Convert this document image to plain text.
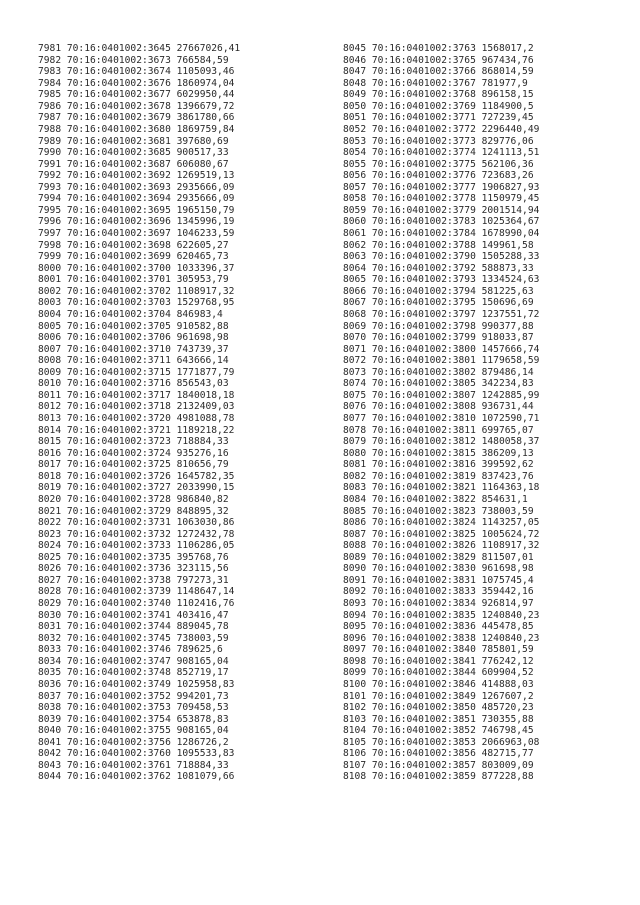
7981 70:16:0401002:3645 27667026,41
7982 70:16:0401002:3673 766584,59
7983 70:16:0401002:3674 1105093,46
7984 70:16:0401002:3676 1860974,04
7985 70:16:0401002:3677 6029950,44
7986 70:16:0401002:3678 1396679,72
7987 70:16:0401002:3679 3861780,66
7988 70:16:0401002:3680 1869759,84
7989 70:16:0401002:3681 397680,69
7990 70:16:0401002:3685 900517,33
7991 70:16:0401002:3687 606080,67
7992 70:16:0401002:3692 1269519,13
7993 70:16:0401002:3693 2935666,09
7994 70:16:0401002:3694 2935666,09
7995 70:16:0401002:3695 1965150,79
7996 70:16:0401002:3696 1345996,19
7997 70:16:0401002:3697 1046233,59
7998 70:16:0401002:3698 622605,27
7999 70:16:0401002:3699 620465,73
8000 70:16:0401002:3700 1033396,37
8001 70:16:0401002:3701 305953,79
8002 70:16:0401002:3702 1108917,32
8003 70:16:0401002:3703 1529768,95
8004 70:16:0401002:3704 846983,4
8005 70:16:0401002:3705 910582,88
8006 70:16:0401002:3706 961698,98
8007 70:16:0401002:3710 743739,37
8008 70:16:0401002:3711 643666,14
8009 70:16:0401002:3715 1771877,79
8010 70:16:0401002:3716 856543,03
8011 70:16:0401002:3717 1840018,18
8012 70:16:0401002:3718 2132409,03
8013 70:16:0401002:3720 4981088,78
8014 70:16:0401002:3721 1189218,22
8015 70:16:0401002:3723 718884,33
8016 70:16:0401002:3724 935276,16
8017 70:16:0401002:3725 810656,79
8018 70:16:0401002:3726 1645782,35
8019 70:16:0401002:3727 2033990,15
8020 70:16:0401002:3728 986840,82
8021 70:16:0401002:3729 848895,32
8022 70:16:0401002:3731 1063030,86
8023 70:16:0401002:3732 1272432,78
8024 70:16:0401002:3733 1106286,05
8025 70:16:0401002:3735 395768,76
8026 70:16:0401002:3736 323115,56
8027 70:16:0401002:3738 797273,31
8028 70:16:0401002:3739 1148647,14
8029 70:16:0401002:3740 1102416,76
8030 70:16:0401002:3741 403416,47
8031 70:16:0401002:3744 889045,78
8032 70:16:0401002:3745 738003,59
8033 70:16:0401002:3746 789625,6
8034 70:16:0401002:3747 908165,04
8035 70:16:0401002:3748 852719,17
8036 70:16:0401002:3749 1025958,83
8037 70:16:0401002:3752 994201,73
8038 70:16:0401002:3753 709458,53
8039 70:16:0401002:3754 653878,83
8040 70:16:0401002:3755 908165,04
8041 70:16:0401002:3756 1286726,2
8042 70:16:0401002:3760 1095533,83
8043 70:16:0401002:3761 718884,33
8044 70:16:0401002:3762 1081079,66
8045 70:16:0401002:3763 1568017,2
8046 70:16:0401002:3765 967434,76
8047 70:16:0401002:3766 868014,59
8048 70:16:0401002:3767 781977,9
8049 70:16:0401002:3768 896158,15
8050 70:16:0401002:3769 1184900,5
8051 70:16:0401002:3771 727239,45
8052 70:16:0401002:3772 2296440,49
8053 70:16:0401002:3773 829776,06
8054 70:16:0401002:3774 1241113,51
8055 70:16:0401002:3775 562106,36
8056 70:16:0401002:3776 723683,26
8057 70:16:0401002:3777 1906827,93
8058 70:16:0401002:3778 1150979,45
8059 70:16:0401002:3779 2001514,94
8060 70:16:0401002:3783 1025364,67
8061 70:16:0401002:3784 1678990,04
8062 70:16:0401002:3788 149961,58
8063 70:16:0401002:3790 1505288,33
8064 70:16:0401002:3792 588873,33
8065 70:16:0401002:3793 1334524,63
8066 70:16:0401002:3794 581225,63
8067 70:16:0401002:3795 150696,69
8068 70:16:0401002:3797 1237551,72
8069 70:16:0401002:3798 990377,88
8070 70:16:0401002:3799 918033,87
8071 70:16:0401002:3800 1457666,74
8072 70:16:0401002:3801 1179658,59
8073 70:16:0401002:3802 879486,14
8074 70:16:0401002:3805 342234,83
8075 70:16:0401002:3807 1242885,99
8076 70:16:0401002:3808 936731,44
8077 70:16:0401002:3810 1072590,71
8078 70:16:0401002:3811 699765,07
8079 70:16:0401002:3812 1480058,37
8080 70:16:0401002:3815 386209,13
8081 70:16:0401002:3816 399592,62
8082 70:16:0401002:3819 837423,76
8083 70:16:0401002:3821 1164363,18
8084 70:16:0401002:3822 854631,1
8085 70:16:0401002:3823 738003,59
8086 70:16:0401002:3824 1143257,05
8087 70:16:0401002:3825 1005624,72
8088 70:16:0401002:3826 1108917,32
8089 70:16:0401002:3829 811507,01
8090 70:16:0401002:3830 961698,98
8091 70:16:0401002:3831 1075745,4
8092 70:16:0401002:3833 359442,16
8093 70:16:0401002:3834 926814,97
8094 70:16:0401002:3835 1240840,23
8095 70:16:0401002:3836 445478,85
8096 70:16:0401002:3838 1240840,23
8097 70:16:0401002:3840 785801,59
8098 70:16:0401002:3841 776242,12
8099 70:16:0401002:3844 609904,52
8100 70:16:0401002:3846 414888,03
8101 70:16:0401002:3849 1267607,2
8102 70:16:0401002:3850 485720,23
8103 70:16:0401002:3851 730355,88
8104 70:16:0401002:3852 746798,45
8105 70:16:0401002:3853 2066963,08
8106 70:16:0401002:3856 482715,77
8107 70:16:0401002:3857 803009,09
8108 70:16:0401002:3859 877228,88
